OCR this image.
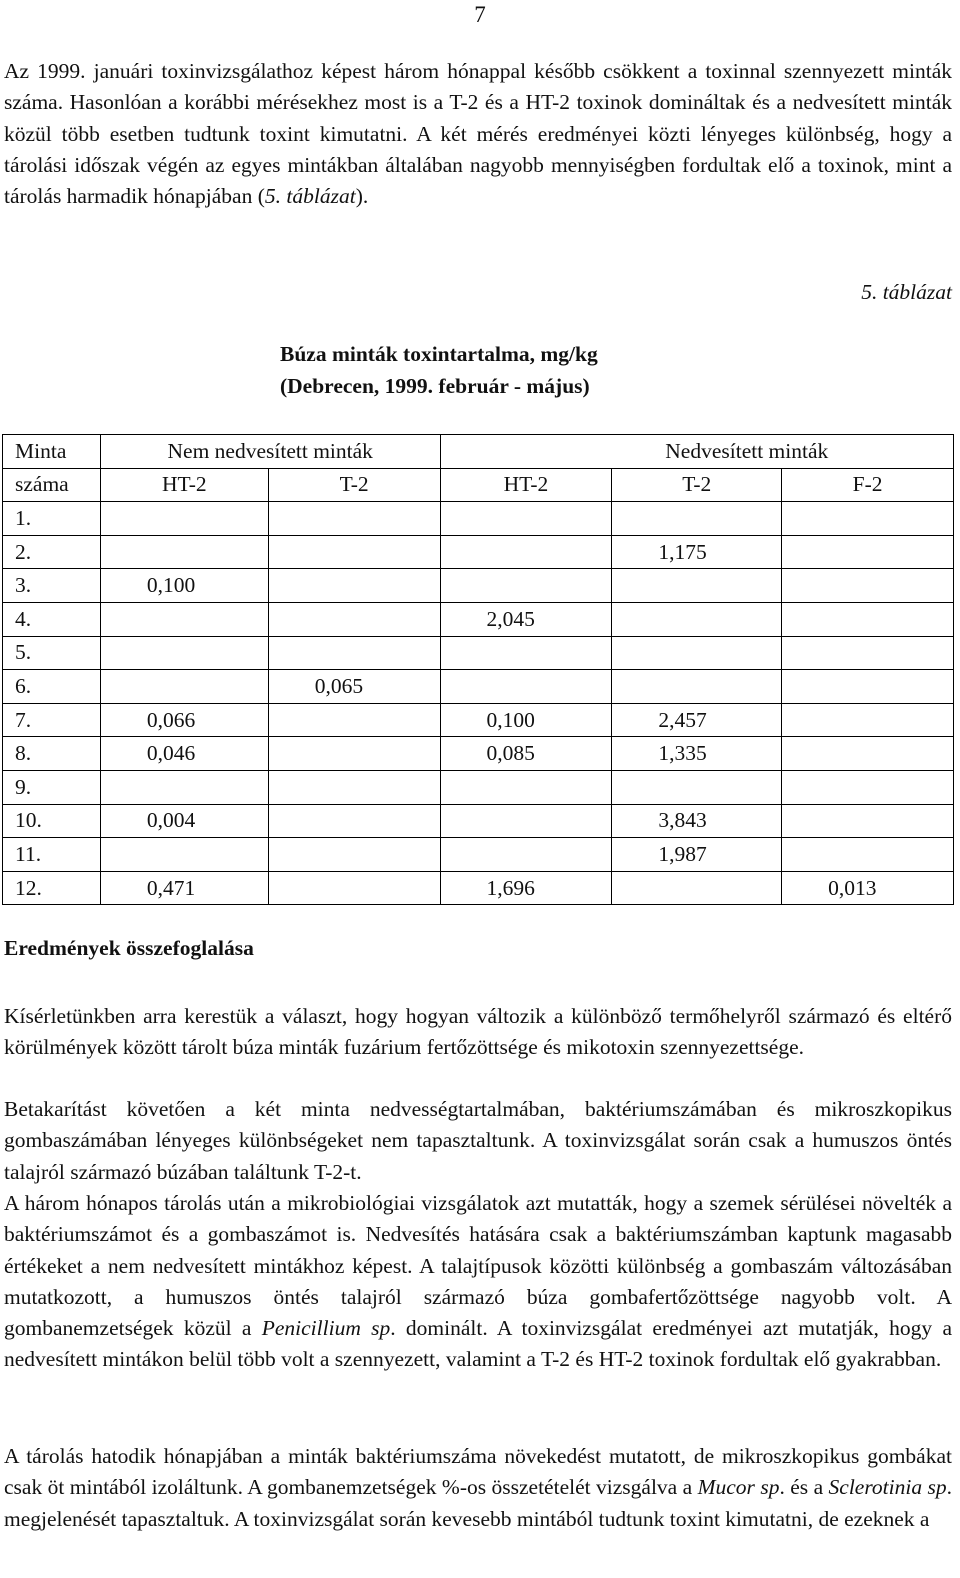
7

Az 1999. januári toxinvizsgálathoz képest három hónappal később csökkent a toxinnal szennyezett minták száma. Hasonlóan a korábbi mérésekhez most is a T-2 és a HT-2 toxinok domináltak és a nedvesített minták közül több esetben tudtunk toxint kimutatni. A két mérés eredményei közti lényeges különbség, hogy a tárolási időszak végén az egyes mintákban általában nagyobb mennyiségben fordultak elő a toxinok, mint a tárolás harmadik hónapjában (5. táblázat).

5. táblázat
Búza minták toxintartalma, mg/kg
(Debrecen, 1999. február - május)
Minta	Nem nedvesített minták		Nedvesített minták		
száma	HT-2	T-2	HT-2	T-2	F-2
1.					
2.				1,175	
3.	0,100				
4.			2,045		
5.					
6.		0,065			
7.	0,066		0,100	2,457	
8.	0,046		0,085	1,335	
9.					
10.	0,004			3,843	
11.				1,987	
12.	0,471		1,696		0,013
Eredmények összefoglalása

Kísérletünkben arra kerestük a választ, hogy hogyan változik a különböző termőhelyről származó és eltérő körülmények között tárolt búza minták fuzárium fertőzöttsége és mikotoxin szennyezettsége.

Betakarítást követően a két minta nedvességtartalmában, baktériumszámában és mikroszkopikus gombaszámában lényeges különbségeket nem tapasztaltunk. A toxinvizsgálat során csak a humuszos öntés talajról származó búzában találtunk T-2-t.

A három hónapos tárolás után a mikrobiológiai vizsgálatok azt mutatták, hogy a szemek sérülései növelték a baktériumszámot és a gombaszámot is. Nedvesítés hatására csak a baktériumszámban kaptunk magasabb értékeket a nem nedvesített mintákhoz képest. A talajtípusok közötti különbség a gombaszám változásában mutatkozott, a humuszos öntés talajról származó búza gombafertőzöttsége nagyobb volt. A gombanemzetségek közül a Penicillium sp. dominált. A toxinvizsgálat eredményei azt mutatják, hogy a nedvesített mintákon belül több volt a szennyezett, valamint a T-2 és HT-2 toxinok fordultak elő gyakrabban.

A tárolás hatodik hónapjában a minták baktériumszáma növekedést mutatott, de mikroszkopikus gombákat csak öt mintából izoláltunk. A gombanemzetségek %-os összetételét vizsgálva a Mucor sp. és a Sclerotinia sp. megjelenését tapasztaltuk. A toxinvizsgálat során kevesebb mintából tudtunk toxint kimutatni, de ezeknek a
